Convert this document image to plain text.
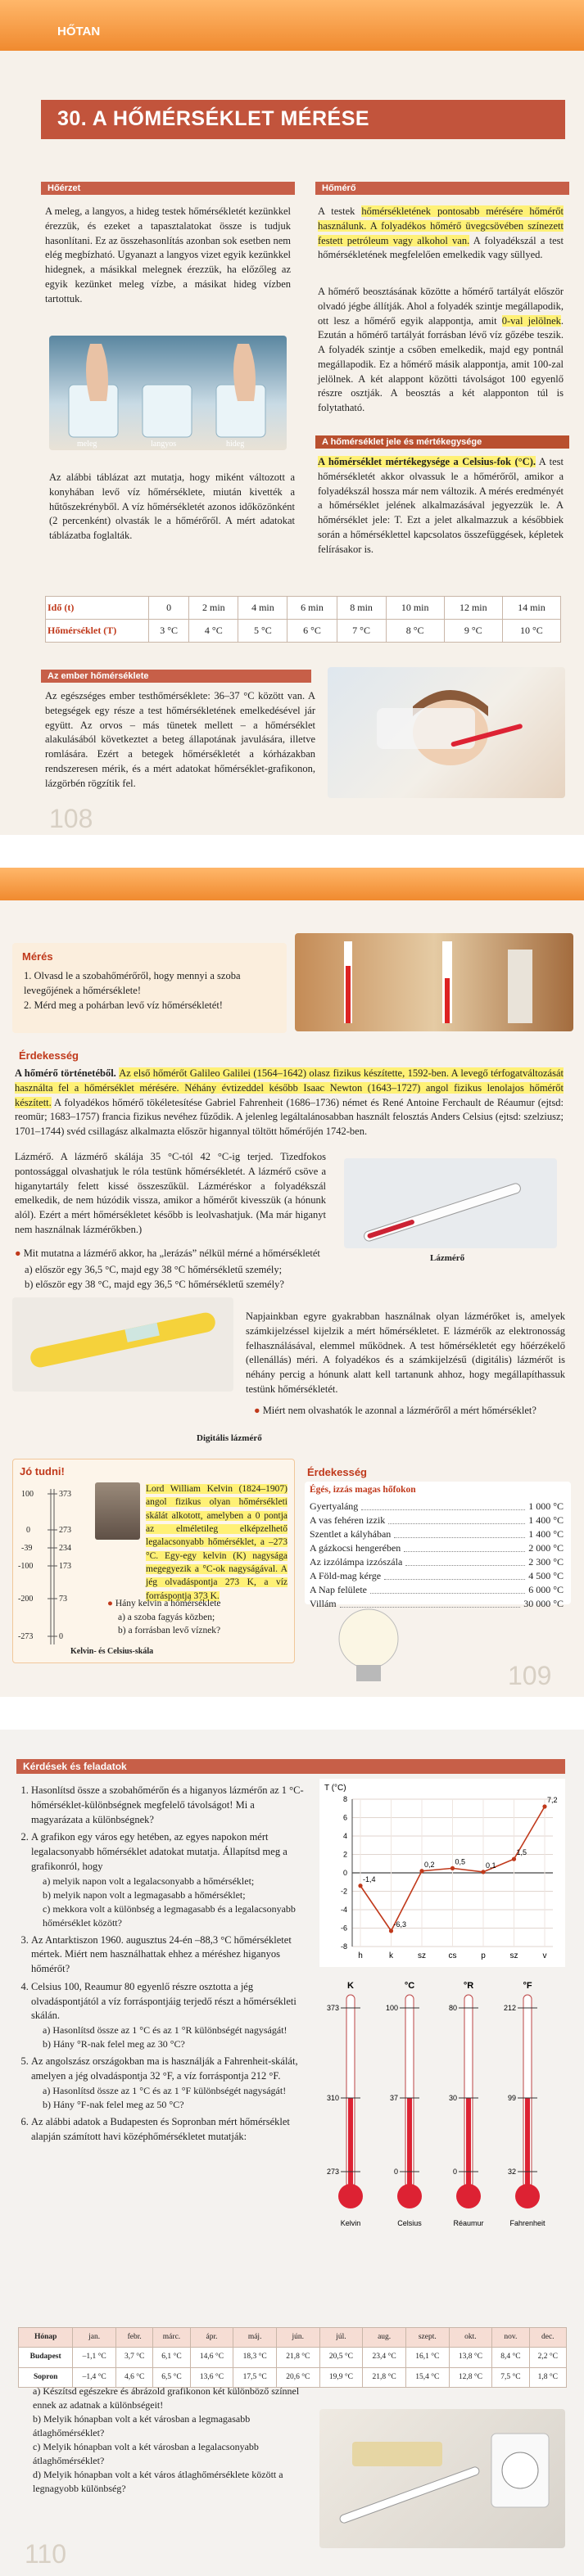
HŐTAN
30. A HŐMÉRSÉKLET MÉRÉSE
Hőérzet

A meleg, a langyos, a hideg testek hőmérsékletét kezünkkel érezzük, és ezeket a tapasztalatokat össze is tudjuk hasonlítani. Ez az összehasonlítás azonban sok esetben nem elég megbízható. Ugyanazt a langyos vizet egyik kezünkkel hidegnek, a másikkal melegnek érezzük, ha előzőleg az egyik kezünket meleg vízbe, a másikat hideg vízben tartottuk.

meleg	langyos	hideg
Hőmérő

A testek hőmérsékletének pontosabb mérésére hőmérőt használunk. A folyadékos hőmérő üvegcsövében színezett festett petróleum vagy alkohol van. A folyadékszál a test hőmérsékletének megfelelően emelkedik vagy süllyed.

A hőmérő beosztásának közötte a hőmérő tartályát először olvadó jégbe állítják. Ahol a folyadék szintje megállapodik, ott lesz a hőmérő egyik alappontja, amit 0-val jelölnek. Ezután a hőmérő tartályát forrásban lévő víz gőzébe teszik. A folyadék szintje a csőben emelkedik, majd egy pontnál megállapodik. Ez a hőmérő másik alappontja, amit 100-zal jelölnek. A két alappont közötti távolságot 100 egyenlő részre osztják. A beosztás a két alapponton túl is folytatható.

A hőmérséklet jele és mértékegysége

A hőmérséklet mértékegysége a Celsius-fok (°C). A test hőmérsékletét akkor olvassuk le a hőmérőről, amikor a folyadékszál hossza már nem változik. A mérés eredményét a hőmérséklet jelének alkalmazásával jegyezzük le. A hőmérséklet jele: T. Ezt a jelet alkalmazzuk a későbbiek során a hőmérséklettel kapcsolatos összefüggések, képletek felírásakor is.

Az alábbi táblázat azt mutatja, hogy miként változott a konyhában levő víz hőmérséklete, miután kivették a hűtőszekrényből. A víz hőmérsékletét azonos időközönként (2 percenként) olvasták le a hőmérőről. A mért adatokat táblázatba foglalták.

Idő (t)	0	2 min	4 min	6 min	8 min	10 min	12 min	14 min
Hőmérséklet (T)	3 °C	4 °C	5 °C	6 °C	7 °C	8 °C	9 °C	10 °C
Az ember hőmérséklete

Az egészséges ember testhőmérséklete: 36–37 °C között van. A betegségek egy része a test hőmérsékletének emelkedésével jár együtt. Az orvos – más tünetek mellett – a hőmérséklet alakulásából következtet a beteg állapotának javulására, illetve romlására. Ezért a betegek hőmérsékletét a kórházakban rendszeresen mérik, és a mért adatokat hőmérséklet-grafikonon, lázgörbén rögzítik fel.

108
Mérés

1. Olvasd le a szobahőmérőről, hogy mennyi a szoba levegőjének a hőmérséklete!

2. Mérd meg a pohárban levő víz hőmérsékletét!

Érdekesség

A hőmérő történetéből. Az első hőmérőt Galileo Galilei (1564–1642) olasz fizikus készítette, 1592-ben. A levegő térfogatváltozását használta fel a hőmérséklet mérésére. Néhány évtizeddel később Isaac Newton (1643–1727) angol fizikus lenolajos hőmérőt készített. A folyadékos hőmérő tökéletesítése Gabriel Fahrenheit (1686–1736) német és René Antoine Ferchault de Réaumur (ejtsd: reomür; 1683–1757) francia fizikus nevéhez fűződik. A jelenleg legáltalánosabban használt felosztás Anders Celsius (ejtsd: szelziusz; 1701–1744) svéd csillagász alkalmazta először higannyal töltött hőmérőjén 1742-ben.

Lázmérő. A lázmérő skálája 35 °C-tól 42 °C-ig terjed. Tizedfokos pontossággal olvashatjuk le róla testünk hőmérsékletét. A lázmérő csöve a higanytartály felett kissé összeszűkül. Lázméréskor a folyadékszál emelkedik, de nem húzódik vissza, amikor a hőmérőt kivesszük (a hónunk alól). Ezért a mért hőmérsékletet később is leolvashatjuk. (Ma már higanyt nem használnak lázmérőkben.)

● Mit mutatna a lázmérő akkor, ha „lerázás” nélkül mérné a hőmérsékletét

a) először egy 36,5 °C, majd egy 38 °C hőmérsékletű személy;

b) először egy 38 °C, majd egy 36,5 °C hőmérsékletű személy?

Lázmérő

Napjainkban egyre gyakrabban használnak olyan lázmérőket is, amelyek számkijelzéssel kijelzik a mért hőmérsékletet. E lázmérők az elektronosság felhasználásával, elemmel működnek. A test hőmérsékletét egy hőérzékelő (ellenállás) méri. A folyadékos és a számkijelzésű (digitális) lázmérőt is néhány percig a hónunk alatt kell tartanunk ahhoz, hogy megállapíthassuk testünk hőmérsékletét.

● Miért nem olvashatók le azonnal a lázmérőről a mért hőmérséklet?

Digitális lázmérő
Jó tudni!
100	373
0	273
-39	234
-100	173
-200	73
-273	0

Lord William Kelvin (1824–1907) angol fizikus olyan hőmérsékleti skálát alkotott, amelyben a 0 pontja az elméletileg elképzelhető legalacsonyabb hőmérséklet, a –273 °C. Egy-egy kelvin (K) nagysága megegyezik a °C-ok nagyságával. A jég olvadáspontja 273 K, a víz forráspontja 373 K.

● Hány kelvin a hőmérséklete

a) a szoba fagyás közben;

b) a forrásban levő víznek?

Kelvin- és Celsius-skála
Érdekesség
Égés, izzás magas hőfokon
Gyertyaláng	1 000 °C
A vas fehéren izzik	1 400 °C
Szentlet a kályhában	1 400 °C
A gázkocsi hengerében	2 000 °C
Az izzólámpa izzószála	2 300 °C
A Föld-mag kérge	4 500 °C
A Nap felülete	6 000 °C
Villám	30 000 °C
109
Kérdések és feladatok
1. Hasonlítsd össze a szobahőmérőn és a higanyos lázmérőn az 1 °C-hőmérséklet-különbségnek megfelelő távolságot! Mi a magyarázata a különbségnek?
2. A grafikon egy város egy hetében, az egyes napokon mért legalacsonyabb hőmérséklet adatokat mutatja. Állapítsd meg a grafikonról, hogy
a) melyik napon volt a legalacsonyabb a hőmérséklet;
b) melyik napon volt a legmagasabb a hőmérséklet;
c) mekkora volt a különbség a legmagasabb és a legalacsonyabb hőmérséklet között?
3. Az Antarktiszon 1960. augusztus 24-én –88,3 °C hőmérsékletet mértek. Miért nem használhattak ehhez a méréshez higanyos hőmérőt?
4. Celsius 100, Reaumur 80 egyenlő részre osztotta a jég olvadáspontjától a víz forráspontjáig terjedő részt a hőmérsékleti skálán.
a) Hasonlítsd össze az 1 °C és az 1 °R különbségét nagyságát!
b) Hány °R-nak felel meg az 30 °C?
5. Az angolszász országokban ma is használják a Fahrenheit-skálát, amelyen a jég olvadáspontja 32 °F, a víz forráspontja 212 °F.
a) Hasonlítsd össze az 1 °C és az 1 °F különbségét nagyságát!
b) Hány °F-nak felel meg az 50 °C?
6. Az alábbi adatok a Budapesten és Sopronban mért hőmérséklet alapján számított havi középhőmérsékletet mutatják:
T (°C)
8
6
4
2
0
-2
-4
-6
-8
h	k	sz	cs	p	sz	v
-1,4
-6,3
0,2	0,5	0,1
1,5
7,2
K
373
310
273
Kelvin
°C
100
37
0
Celsius
°R
80
30
0
Réaumur
°F
212
99
32
Fahrenheit
Hónap	jan.	febr.	márc.	ápr.	máj.	jún.	júl.	aug.	szept.	okt.	nov.	dec.
Budapest	–1,1 °C	3,7 °C	6,1 °C	14,6 °C	18,3 °C	21,8 °C	20,5 °C	23,4 °C	16,1 °C	13,8 °C	8,4 °C	2,2 °C
Sopron	–1,4 °C	4,6 °C	6,5 °C	13,6 °C	17,5 °C	20,6 °C	19,9 °C	21,8 °C	15,4 °C	12,8 °C	7,5 °C	1,8 °C

a) Készítsd egészekre és ábrázold grafikonon két különböző színnel ennek az adatnak a különbségeit!

b) Melyik hónapban volt a két városban a legmagasabb átlaghőmérséklet?

c) Melyik hónapban volt a két városban a legalacsonyabb átlaghőmérséklet?

d) Melyik hónapban volt a két város átlaghőmérséklete között a legnagyobb különbség?

110
